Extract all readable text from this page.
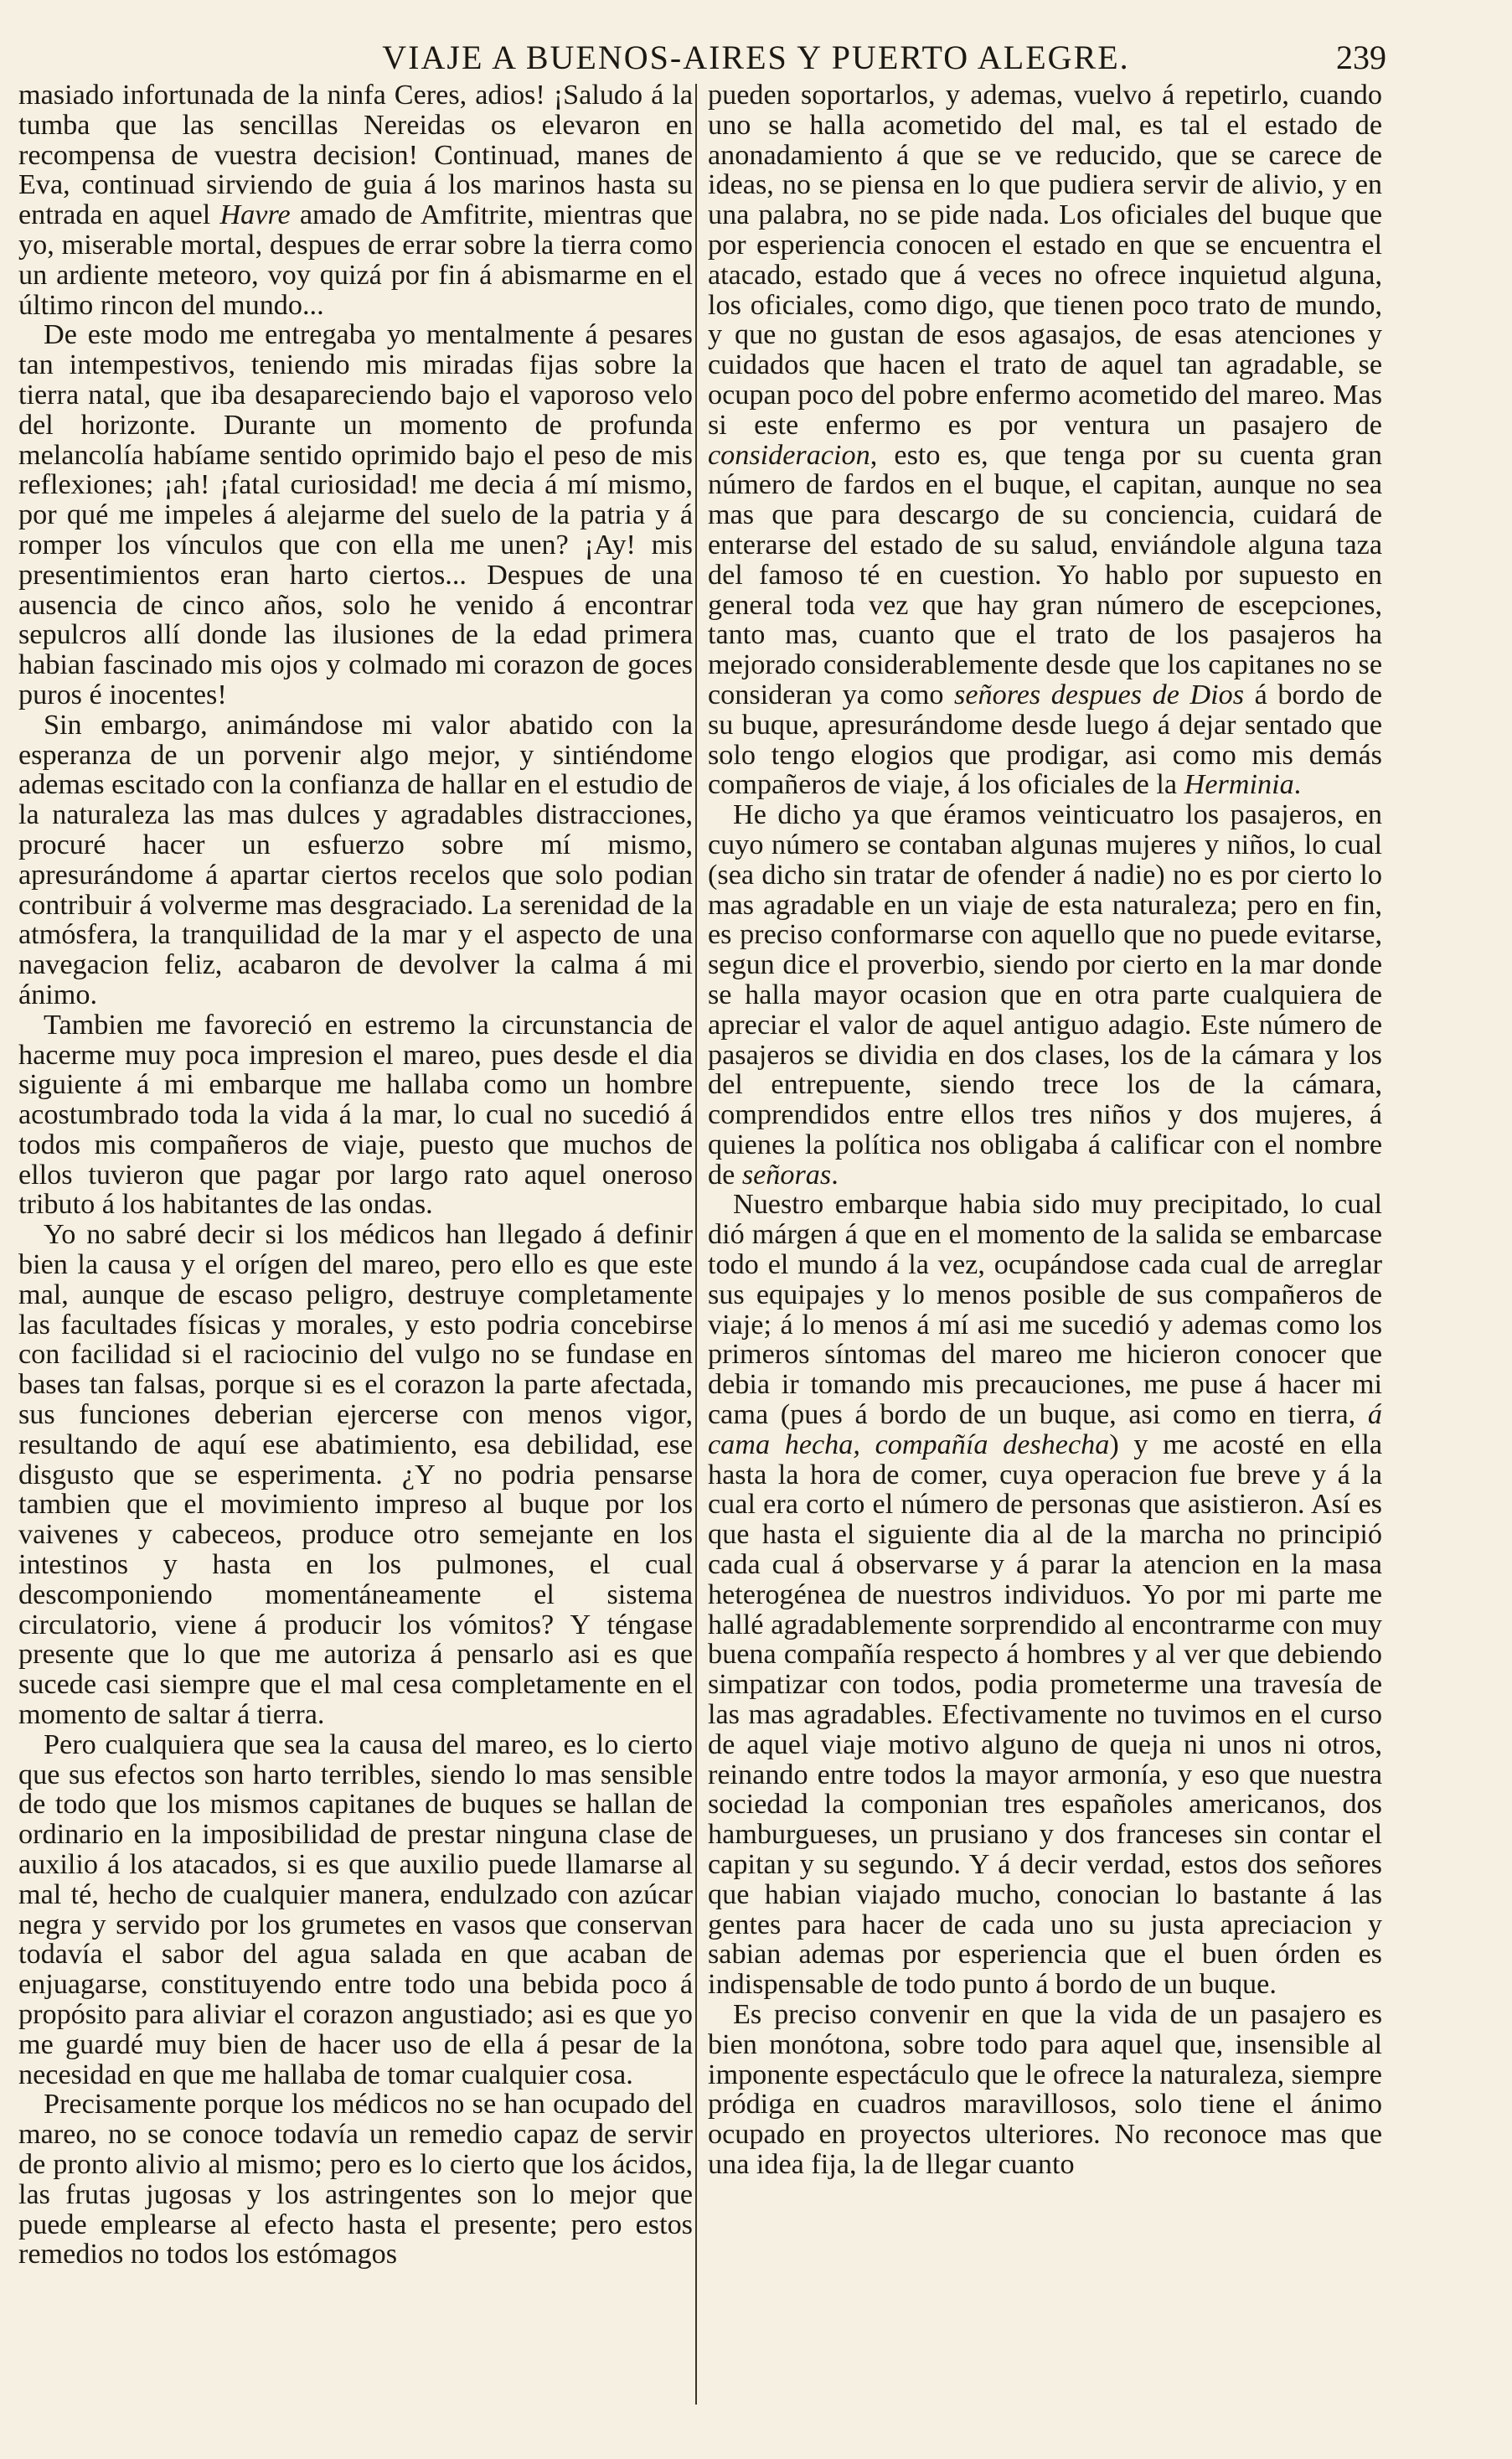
VIAJE A BUENOS-AIRES Y PUERTO ALEGRE.	239

masiado infortunada de la ninfa Ceres, adios! ¡Saludo á la tumba que las sencillas Nereidas os elevaron en recompensa de vuestra decision! Continuad, manes de Eva, continuad sirviendo de guia á los marinos hasta su entrada en aquel Havre amado de Amfitrite, mientras que yo, miserable mortal, despues de errar sobre la tierra como un ardiente meteoro, voy quizá por fin á abismarme en el último rincon del mundo...

De este modo me entregaba yo mentalmente á pesares tan intempestivos, teniendo mis miradas fijas sobre la tierra natal, que iba desapareciendo bajo el vaporoso velo del horizonte. Durante un momento de profunda melancolía habíame sentido oprimido bajo el peso de mis reflexiones; ¡ah! ¡fatal curiosidad! me decia á mí mismo, por qué me impeles á alejarme del suelo de la patria y á romper los vínculos que con ella me unen? ¡Ay! mis presentimientos eran harto ciertos... Despues de una ausencia de cinco años, solo he venido á encontrar sepulcros allí donde las ilusiones de la edad primera habian fascinado mis ojos y colmado mi corazon de goces puros é inocentes!

Sin embargo, animándose mi valor abatido con la esperanza de un porvenir algo mejor, y sintiéndome ademas escitado con la confianza de hallar en el estudio de la naturaleza las mas dulces y agradables distracciones, procuré hacer un esfuerzo sobre mí mismo, apresurándome á apartar ciertos recelos que solo podian contribuir á volverme mas desgraciado. La serenidad de la atmósfera, la tranquilidad de la mar y el aspecto de una navegacion feliz, acabaron de devolver la calma á mi ánimo.

Tambien me favoreció en estremo la circunstancia de hacerme muy poca impresion el mareo, pues desde el dia siguiente á mi embarque me hallaba como un hombre acostumbrado toda la vida á la mar, lo cual no sucedió á todos mis compañeros de viaje, puesto que muchos de ellos tuvieron que pagar por largo rato aquel oneroso tributo á los habitantes de las ondas.

Yo no sabré decir si los médicos han llegado á definir bien la causa y el orígen del mareo, pero ello es que este mal, aunque de escaso peligro, destruye completamente las facultades físicas y morales, y esto podria concebirse con facilidad si el raciocinio del vulgo no se fundase en bases tan falsas, porque si es el corazon la parte afectada, sus funciones deberian ejercerse con menos vigor, resultando de aquí ese abatimiento, esa debilidad, ese disgusto que se esperimenta. ¿Y no podria pensarse tambien que el movimiento impreso al buque por los vaivenes y cabeceos, produce otro semejante en los intestinos y hasta en los pulmones, el cual descomponiendo momentáneamente el sistema circulatorio, viene á producir los vómitos? Y téngase presente que lo que me autoriza á pensarlo asi es que sucede casi siempre que el mal cesa completamente en el momento de saltar á tierra.

Pero cualquiera que sea la causa del mareo, es lo cierto que sus efectos son harto terribles, siendo lo mas sensible de todo que los mismos capitanes de buques se hallan de ordinario en la imposibilidad de prestar ninguna clase de auxilio á los atacados, si es que auxilio puede llamarse al mal té, hecho de cualquier manera, endulzado con azúcar negra y servido por los grumetes en vasos que conservan todavía el sabor del agua salada en que acaban de enjuagarse, constituyendo entre todo una bebida poco á propósito para aliviar el corazon angustiado; asi es que yo me guardé muy bien de hacer uso de ella á pesar de la necesidad en que me hallaba de tomar cualquier cosa.

Precisamente porque los médicos no se han ocupado del mareo, no se conoce todavía un remedio capaz de servir de pronto alivio al mismo; pero es lo cierto que los ácidos, las frutas jugosas y los astringentes son lo mejor que puede emplearse al efecto hasta el presente; pero estos remedios no todos los estómagos

pueden soportarlos, y ademas, vuelvo á repetirlo, cuando uno se halla acometido del mal, es tal el estado de anonadamiento á que se ve reducido, que se carece de ideas, no se piensa en lo que pudiera servir de alivio, y en una palabra, no se pide nada. Los oficiales del buque que por esperiencia conocen el estado en que se encuentra el atacado, estado que á veces no ofrece inquietud alguna, los oficiales, como digo, que tienen poco trato de mundo, y que no gustan de esos agasajos, de esas atenciones y cuidados que hacen el trato de aquel tan agradable, se ocupan poco del pobre enfermo acometido del mareo. Mas si este enfermo es por ventura un pasajero de consideracion, esto es, que tenga por su cuenta gran número de fardos en el buque, el capitan, aunque no sea mas que para descargo de su conciencia, cuidará de enterarse del estado de su salud, enviándole alguna taza del famoso té en cuestion. Yo hablo por supuesto en general toda vez que hay gran número de escepciones, tanto mas, cuanto que el trato de los pasajeros ha mejorado considerablemente desde que los capitanes no se consideran ya como señores despues de Dios á bordo de su buque, apresurándome desde luego á dejar sentado que solo tengo elogios que prodigar, asi como mis demás compañeros de viaje, á los oficiales de la Herminia.

He dicho ya que éramos veinticuatro los pasajeros, en cuyo número se contaban algunas mujeres y niños, lo cual (sea dicho sin tratar de ofender á nadie) no es por cierto lo mas agradable en un viaje de esta naturaleza; pero en fin, es preciso conformarse con aquello que no puede evitarse, segun dice el proverbio, siendo por cierto en la mar donde se halla mayor ocasion que en otra parte cualquiera de apreciar el valor de aquel antiguo adagio. Este número de pasajeros se dividia en dos clases, los de la cámara y los del entrepuente, siendo trece los de la cámara, comprendidos entre ellos tres niños y dos mujeres, á quienes la política nos obligaba á calificar con el nombre de señoras.

Nuestro embarque habia sido muy precipitado, lo cual dió márgen á que en el momento de la salida se embarcase todo el mundo á la vez, ocupándose cada cual de arreglar sus equipajes y lo menos posible de sus compañeros de viaje; á lo menos á mí asi me sucedió y ademas como los primeros síntomas del mareo me hicieron conocer que debia ir tomando mis precauciones, me puse á hacer mi cama (pues á bordo de un buque, asi como en tierra, á cama hecha, compañía deshecha) y me acosté en ella hasta la hora de comer, cuya operacion fue breve y á la cual era corto el número de personas que asistieron. Así es que hasta el siguiente dia al de la marcha no principió cada cual á observarse y á parar la atencion en la masa heterogénea de nuestros individuos. Yo por mi parte me hallé agradablemente sorprendido al encontrarme con muy buena compañía respecto á hombres y al ver que debiendo simpatizar con todos, podia prometerme una travesía de las mas agradables. Efectivamente no tuvimos en el curso de aquel viaje motivo alguno de queja ni unos ni otros, reinando entre todos la mayor armonía, y eso que nuestra sociedad la componian tres españoles americanos, dos hamburgueses, un prusiano y dos franceses sin contar el capitan y su segundo. Y á decir verdad, estos dos señores que habian viajado mucho, conocian lo bastante á las gentes para hacer de cada uno su justa apreciacion y sabian ademas por esperiencia que el buen órden es indispensable de todo punto á bordo de un buque.

Es preciso convenir en que la vida de un pasajero es bien monótona, sobre todo para aquel que, insensible al imponente espectáculo que le ofrece la naturaleza, siempre pródiga en cuadros maravillosos, solo tiene el ánimo ocupado en proyectos ulteriores. No reconoce mas que una idea fija, la de llegar cuanto
